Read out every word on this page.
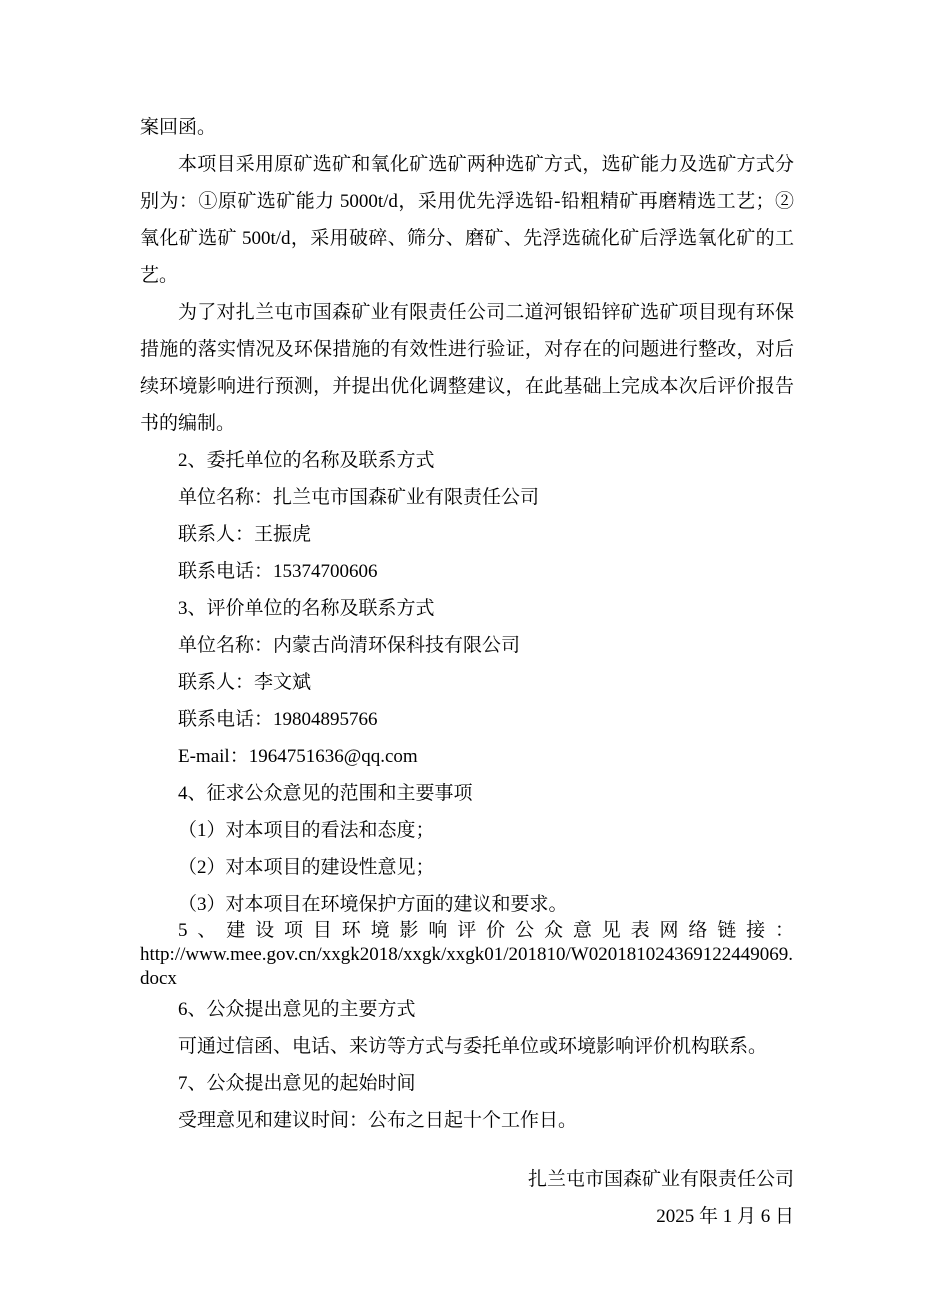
案回函。

本项目采用原矿选矿和氧化矿选矿两种选矿方式，选矿能力及选矿方式分别为：①原矿选矿能力 5000t/d，采用优先浮选铅-铅粗精矿再磨精选工艺；②氧化矿选矿 500t/d，采用破碎、筛分、磨矿、先浮选硫化矿后浮选氧化矿的工艺。

为了对扎兰屯市国森矿业有限责任公司二道河银铅锌矿选矿项目现有环保措施的落实情况及环保措施的有效性进行验证，对存在的问题进行整改，对后续环境影响进行预测，并提出优化调整建议，在此基础上完成本次后评价报告书的编制。

2、委托单位的名称及联系方式

单位名称：扎兰屯市国森矿业有限责任公司

联系人：王振虎

联系电话：15374700606

3、评价单位的名称及联系方式

单位名称：内蒙古尚清环保科技有限公司

联系人：李文斌

联系电话：19804895766

E-mail：1964751636@qq.com

4、征求公众意见的范围和主要事项

（1）对本项目的看法和态度；

（2）对本项目的建设性意见；

（3）对本项目在环境保护方面的建议和要求。

5、建设项目环境影响评价公众意见表网络链接：

http://www.mee.gov.cn/xxgk2018/xxgk/xxgk01/201810/W020181024369122449069.docx

6、公众提出意见的主要方式

可通过信函、电话、来访等方式与委托单位或环境影响评价机构联系。

7、公众提出意见的起始时间

受理意见和建议时间：公布之日起十个工作日。

扎兰屯市国森矿业有限责任公司

2025 年 1 月 6 日
